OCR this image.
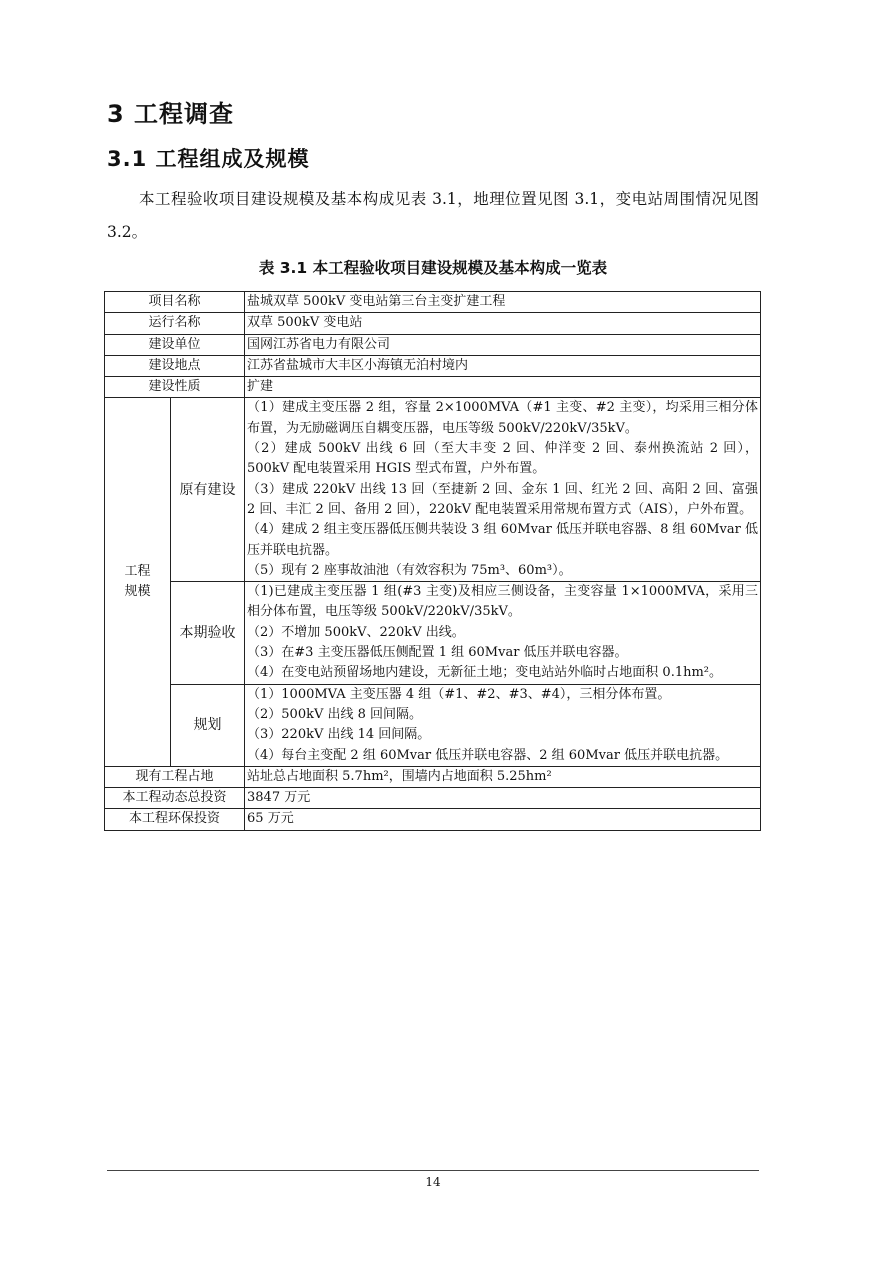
3 工程调查
3.1 工程组成及规模
本工程验收项目建设规模及基本构成见表 3.1，地理位置见图 3.1，变电站周围情况见图 3.2。
表 3.1 本工程验收项目建设规模及基本构成一览表
项目名称		盐城双草 500kV 变电站第三台主变扩建工程
运行名称		双草 500kV 变电站
建设单位		国网江苏省电力有限公司
建设地点		江苏省盐城市大丰区小海镇无泊村境内
建设性质		扩建

工程
规模	原有建设	（1）建成主变压器 2 组，容量 2×1000MVA（#1 主变、#2 主变），均采用三相分体布置，为无励磁调压自耦变压器，电压等级 500kV/220kV/35kV。
（2）建成 500kV 出线 6 回（至大丰变 2 回、仲洋变 2 回、泰州换流站 2 回），500kV 配电装置采用 HGIS 型式布置，户外布置。
（3）建成 220kV 出线 13 回（至捷新 2 回、金东 1 回、红光 2 回、高阳 2 回、富强 2 回、丰汇 2 回、备用 2 回），220kV 配电装置采用常规布置方式（AIS），户外布置。
（4）建成 2 组主变压器低压侧共装设 3 组 60Mvar 低压并联电容器、8 组 60Mvar 低压并联电抗器。
（5）现有 2 座事故油池（有效容积为 75m³、60m³）。

	本期验收	（1)已建成主变压器 1 组(#3 主变)及相应三侧设备，主变容量 1×1000MVA，采用三相分体布置，电压等级 500kV/220kV/35kV。
（2）不增加 500kV、220kV 出线。
（3）在#3 主变压器低压侧配置 1 组 60Mvar 低压并联电容器。
（4）在变电站预留场地内建设，无新征土地；变电站站外临时占地面积 0.1hm²。

	规划	（1）1000MVA 主变压器 4 组（#1、#2、#3、#4），三相分体布置。
（2）500kV 出线 8 回间隔。
（3）220kV 出线 14 回间隔。
（4）每台主变配 2 组 60Mvar 低压并联电容器、2 组 60Mvar 低压并联电抗器。

现有工程占地		站址总占地面积 5.7hm²，围墙内占地面积 5.25hm²
本工程动态总投资		3847 万元
本工程环保投资		65 万元
14
